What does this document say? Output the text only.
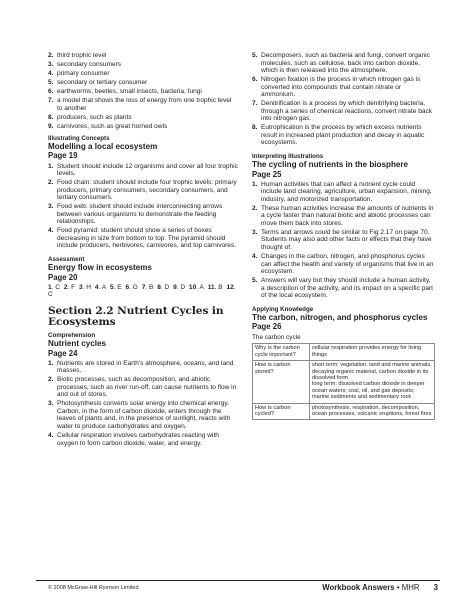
2 . third trophic level
3 . secondary consumers
4 . primary consumer
5 . secondary or tertiary consumer
6 . earthworms, beetles, small insects, bacteria, fungi
7 . a model that shows the loss of energy from one trophic level to another
8 . producers, such as plants
9 . carnivores, such as great horned owls
Illustrating Concepts
Modelling a local ecosystem
Page 19
1 . Student should include 12 organisms and cover all four trophic levels.
2 . Food chain: student should include four trophic levels: primary producers, primary consumers, secondary consumers, and tertiary consumers.
3 . Food web: student should include interconnecting arrows between various organisms to demonstrate the feeding relationships.
4 . Food pyramid: student should show a series of boxes decreasing in size from bottom to top. The pyramid should include producers, herbivores, carnivores, and top carnivores.
Assessment
Energy flow in ecosystems
Page 20
1. C 2. F 3. H 4. A 5. E 6. G 7. B 8. D 9. D 10. A 11. B 12. C
Section 2.2 Nutrient Cycles in Ecosystems
Comprehension
Nutrient cycles
Page 24
1 . Nutrients are stored in Earth’s atmosphere, oceans, and land masses.
2 . Biotic processes, such as decomposition, and abiotic processes, such as river run-off, can cause nutrients to flow in and out of stores.
3 . Photosynthesis converts solar energy into chemical energy. Carbon, in the form of carbon dioxide, enters through the leaves of plants and, in the presence of sunlight, reacts with water to produce carbohydrates and oxygen.
4 . Cellular respiration involves carbohydrates reacting with oxygen to form carbon dioxide, water, and energy.
5 . Decomposers, such as bacteria and fungi, convert organic molecules, such as cellulose, back into carbon dioxide, which is then released into the atmosphere.
6 . Nitrogen fixation is the process in which nitrogen gas is converted into compounds that contain nitrate or ammonium.
7 . Denitrification is a process by which denitrifying bacteria, through a series of chemical reactions, convert nitrate back into nitrogen gas.
8 . Eutrophication is the process by which excess nutrients result in increased plant production and decay in aquatic ecosystems.
Interpreting Illustrations
The cycling of nutrients in the biosphere
Page 25
1 . Human activities that can affect a nutrient cycle could include land clearing, agriculture, urban expansion, mining, industry, and motorized transportation.
2 . These human activities increase the amounts of nutrients in a cycle faster than natural biotic and abiotic processes can move them back into stores.
3 . Terms and arrows could be similar to Fig 2.17 on page 70. Students may also add other facts or effects that they have thought of.
4 . Changes in the carbon, nitrogen, and phosphorus cycles can affect the health and variety of organisms that live in an ecosystem.
5 . Answers will vary but they should include a human activity, a description of the activity, and its impact on a specific part of the local ecosystem.
Applying Knowledge
The carbon, nitrogen, and phosphorus cycles
Page 26
The carbon cycle
Why is the carbon cycle important?	cellular respiration provides energy for living things
How is carbon stored?	short term: vegetation, land and marine animals, decaying organic material, carbon dioxide in its dissolved form
long term: dissolved carbon dioxide in deeper ocean waters; coal, oil, and gas deposits; marine sediments and sedimentary rock
How is carbon cycled?	photosynthesis, respiration, decomposition, ocean processes, volcanic eruptions, forest fires
© 2008 McGraw-Hill Ryerson Limited	Workbook Answers • MHR 3
